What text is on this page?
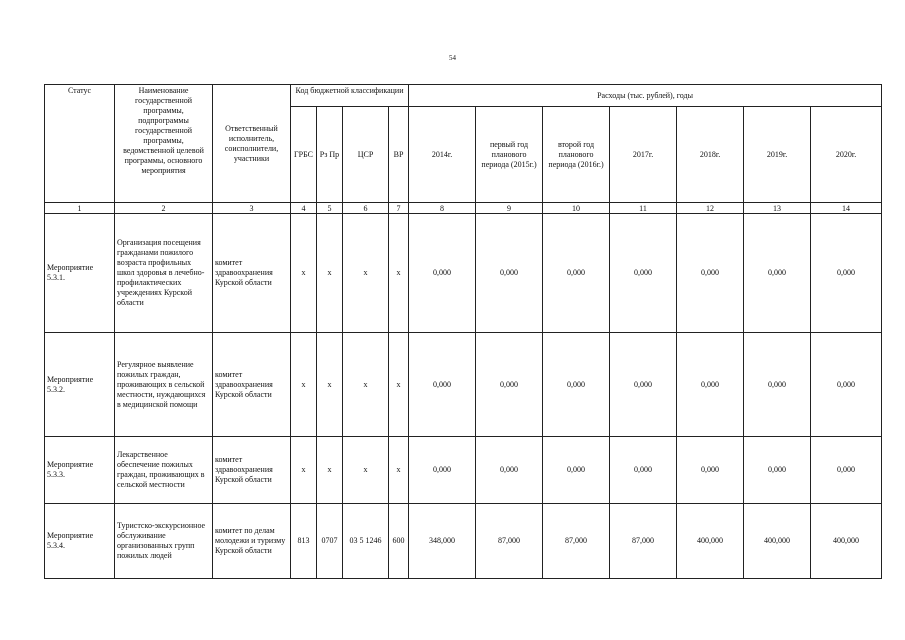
54
Статус	Наименование государственной программы, подпрограммы государственной программы, ведомственной целевой программы, основного мероприятия	Ответственный исполнитель, соисполнители, участники	Код бюджетной классификации				Расходы (тыс. рублей), годы						
			ГРБС	Рз Пр	ЦСР	ВР	2014г.	первый год планового периода (2015г.)	второй год планового периода (2016г.)	2017г.	2018г.	2019г.	2020г.
1	2	3	4	5	6	7	8	9	10	11	12	13	14
Мероприятие 5.3.1.	Организация посещения гражданами пожилого возраста профильных школ здоровья в лечебно-профилактических учреждениях Курской области	комитет здравоохранения Курской области	x	x	x	x	0,000	0,000	0,000	0,000	0,000	0,000	0,000
Мероприятие 5.3.2.	Регулярное выявление пожилых граждан, проживающих в сельской местности, нуждающихся в медицинской помощи	комитет здравоохранения Курской области	x	x	x	x	0,000	0,000	0,000	0,000	0,000	0,000	0,000
Мероприятие 5.3.3.	Лекарственное обеспечение пожилых граждан, проживающих в сельской местности	комитет здравоохранения Курской области	x	x	x	x	0,000	0,000	0,000	0,000	0,000	0,000	0,000
Мероприятие 5.3.4.	Туристско-экскурсионное обслуживание организованных групп пожилых людей	комитет по делам молодежи и туризму Курской области	813	0707	03 5 1246	600	348,000	87,000	87,000	87,000	400,000	400,000	400,000
